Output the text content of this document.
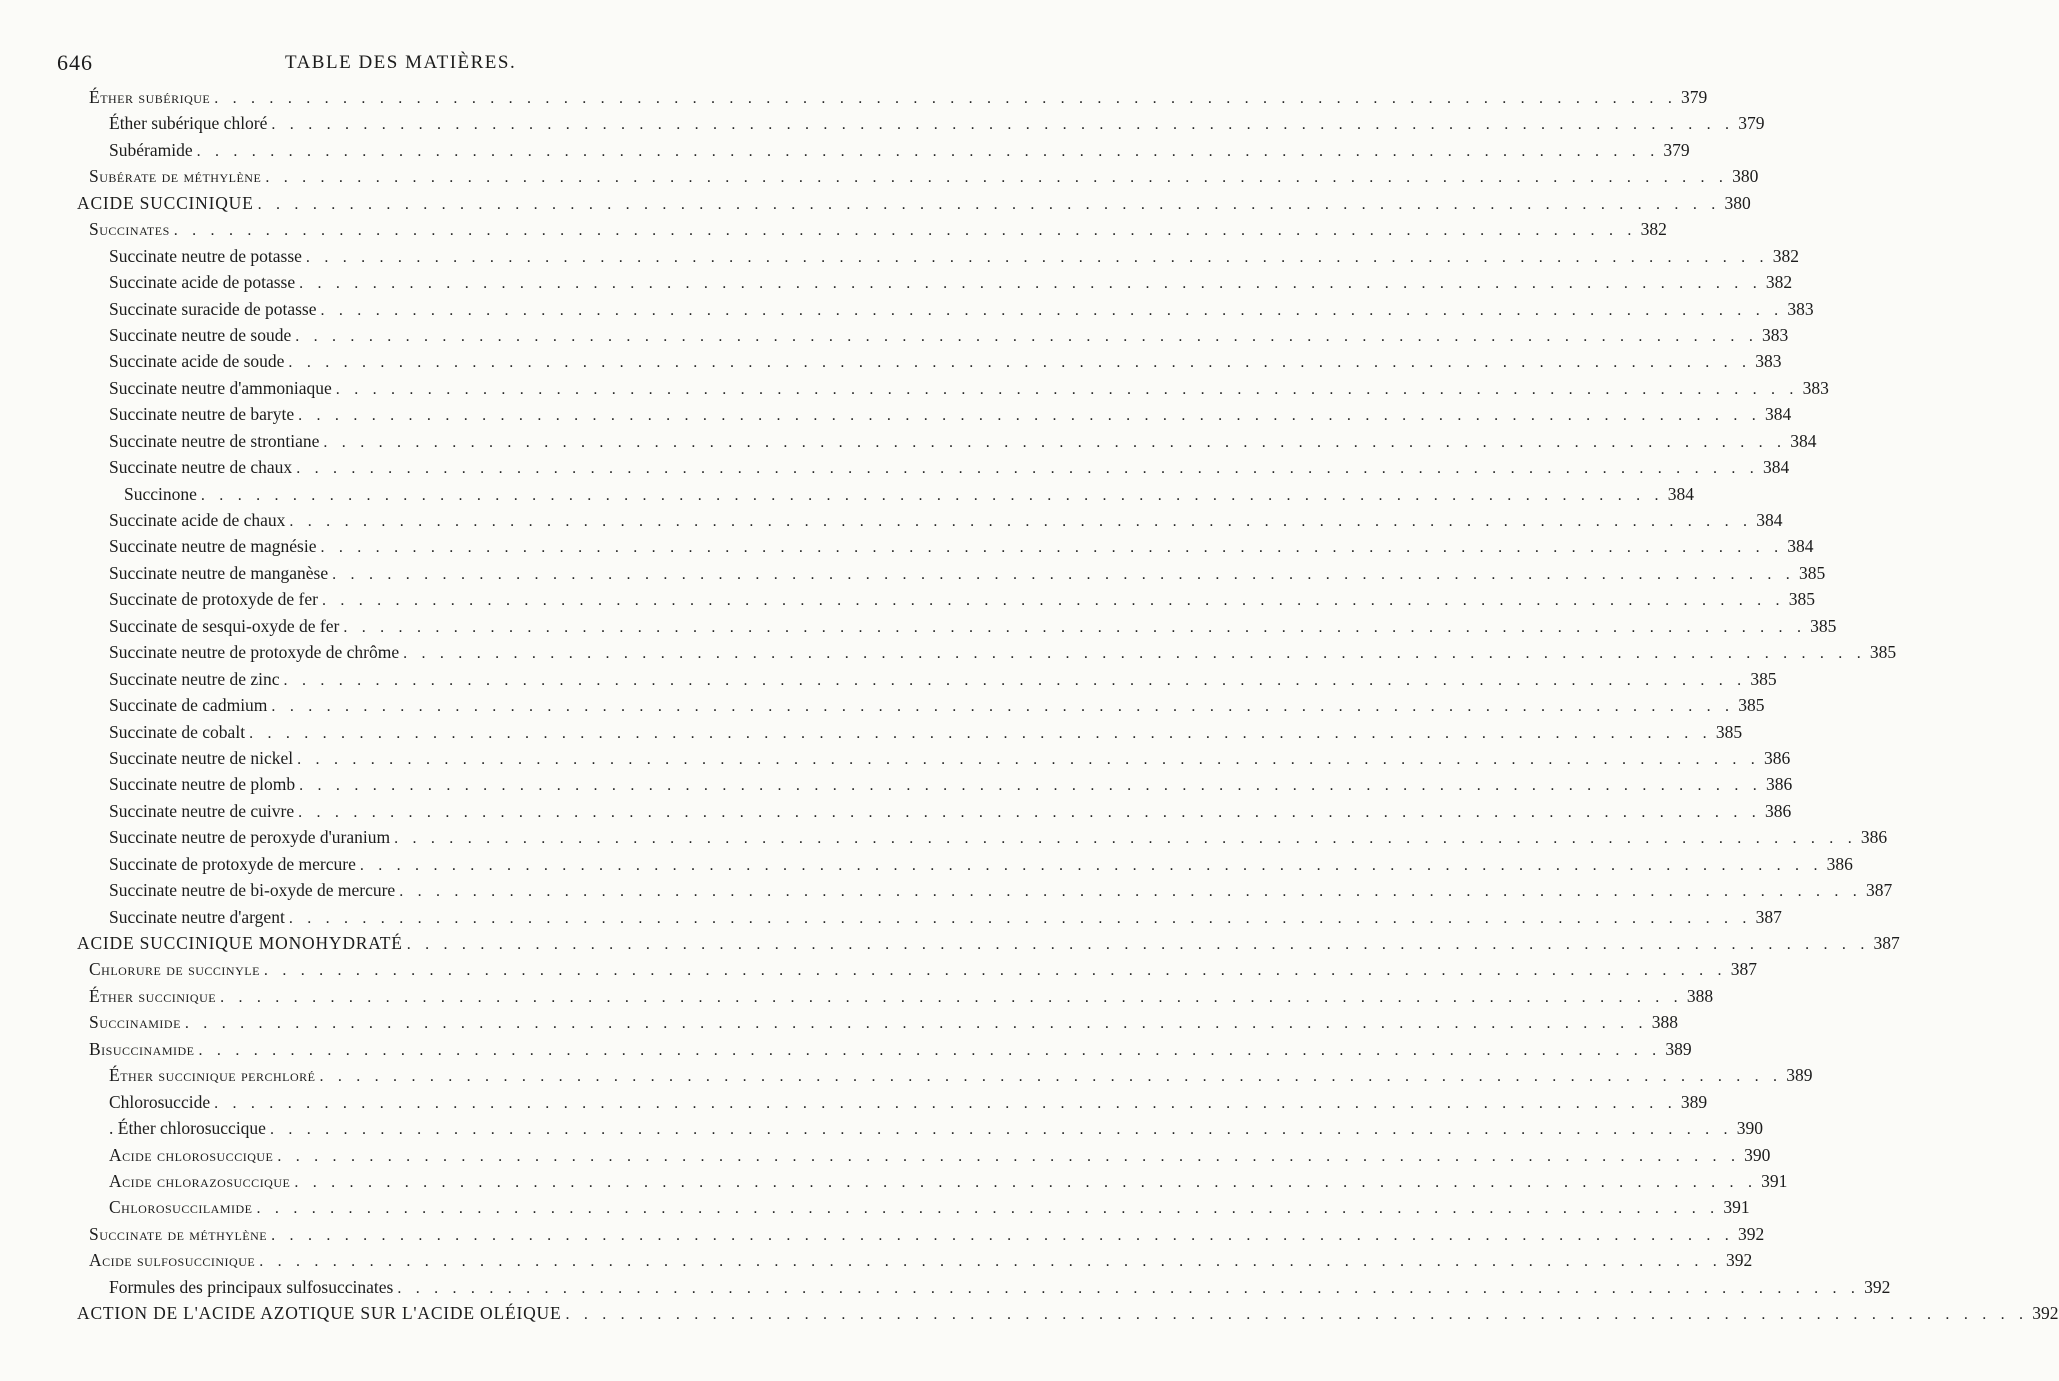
646	TABLE DES MATIÈRES.
Éther subérique . . . . . . . . . . . . . . . . . . . . . . . . . . . . . . . . . . . . . . . . . . . . . . . . . . . . . . . . . . . . . . . . . . . . . . . . . . . . . . . . 379
Éther subérique chloré . . . . . . . . . . . . . . . . . . . . . . . . . . . . . . . . . . . . . . . . . . . . . . . . . . . . . . . . . . . . . . . . . . . . . . . . . . . . . . . . 379
Subéramide . . . . . . . . . . . . . . . . . . . . . . . . . . . . . . . . . . . . . . . . . . . . . . . . . . . . . . . . . . . . . . . . . . . . . . . . . . . . . . . . 379
Subérate de méthylène . . . . . . . . . . . . . . . . . . . . . . . . . . . . . . . . . . . . . . . . . . . . . . . . . . . . . . . . . . . . . . . . . . . . . . . . . . . . . . . . 380
ACIDE SUCCINIQUE . . . . . . . . . . . . . . . . . . . . . . . . . . . . . . . . . . . . . . . . . . . . . . . . . . . . . . . . . . . . . . . . . . . . . . . . . . . . . . . . 380
Succinates . . . . . . . . . . . . . . . . . . . . . . . . . . . . . . . . . . . . . . . . . . . . . . . . . . . . . . . . . . . . . . . . . . . . . . . . . . . . . . . . 382
Succinate neutre de potasse . . . . . . . . . . . . . . . . . . . . . . . . . . . . . . . . . . . . . . . . . . . . . . . . . . . . . . . . . . . . . . . . . . . . . . . . . . . . . . . . 382
Succinate acide de potasse . . . . . . . . . . . . . . . . . . . . . . . . . . . . . . . . . . . . . . . . . . . . . . . . . . . . . . . . . . . . . . . . . . . . . . . . . . . . . . . . 382
Succinate suracide de potasse . . . . . . . . . . . . . . . . . . . . . . . . . . . . . . . . . . . . . . . . . . . . . . . . . . . . . . . . . . . . . . . . . . . . . . . . . . . . . . . . 383
Succinate neutre de soude . . . . . . . . . . . . . . . . . . . . . . . . . . . . . . . . . . . . . . . . . . . . . . . . . . . . . . . . . . . . . . . . . . . . . . . . . . . . . . . . 383
Succinate acide de soude . . . . . . . . . . . . . . . . . . . . . . . . . . . . . . . . . . . . . . . . . . . . . . . . . . . . . . . . . . . . . . . . . . . . . . . . . . . . . . . . 383
Succinate neutre d'ammoniaque . . . . . . . . . . . . . . . . . . . . . . . . . . . . . . . . . . . . . . . . . . . . . . . . . . . . . . . . . . . . . . . . . . . . . . . . . . . . . . . . 383
Succinate neutre de baryte . . . . . . . . . . . . . . . . . . . . . . . . . . . . . . . . . . . . . . . . . . . . . . . . . . . . . . . . . . . . . . . . . . . . . . . . . . . . . . . . 384
Succinate neutre de strontiane . . . . . . . . . . . . . . . . . . . . . . . . . . . . . . . . . . . . . . . . . . . . . . . . . . . . . . . . . . . . . . . . . . . . . . . . . . . . . . . . 384
Succinate neutre de chaux . . . . . . . . . . . . . . . . . . . . . . . . . . . . . . . . . . . . . . . . . . . . . . . . . . . . . . . . . . . . . . . . . . . . . . . . . . . . . . . . 384
Succinone . . . . . . . . . . . . . . . . . . . . . . . . . . . . . . . . . . . . . . . . . . . . . . . . . . . . . . . . . . . . . . . . . . . . . . . . . . . . . . . . 384
Succinate acide de chaux . . . . . . . . . . . . . . . . . . . . . . . . . . . . . . . . . . . . . . . . . . . . . . . . . . . . . . . . . . . . . . . . . . . . . . . . . . . . . . . . 384
Succinate neutre de magnésie . . . . . . . . . . . . . . . . . . . . . . . . . . . . . . . . . . . . . . . . . . . . . . . . . . . . . . . . . . . . . . . . . . . . . . . . . . . . . . . . 384
Succinate neutre de manganèse . . . . . . . . . . . . . . . . . . . . . . . . . . . . . . . . . . . . . . . . . . . . . . . . . . . . . . . . . . . . . . . . . . . . . . . . . . . . . . . . 385
Succinate de protoxyde de fer . . . . . . . . . . . . . . . . . . . . . . . . . . . . . . . . . . . . . . . . . . . . . . . . . . . . . . . . . . . . . . . . . . . . . . . . . . . . . . . . 385
Succinate de sesqui-oxyde de fer . . . . . . . . . . . . . . . . . . . . . . . . . . . . . . . . . . . . . . . . . . . . . . . . . . . . . . . . . . . . . . . . . . . . . . . . . . . . . . . . 385
Succinate neutre de protoxyde de chrôme . . . . . . . . . . . . . . . . . . . . . . . . . . . . . . . . . . . . . . . . . . . . . . . . . . . . . . . . . . . . . . . . . . . . . . . . . . . . . . . . 385
Succinate neutre de zinc . . . . . . . . . . . . . . . . . . . . . . . . . . . . . . . . . . . . . . . . . . . . . . . . . . . . . . . . . . . . . . . . . . . . . . . . . . . . . . . . 385
Succinate de cadmium . . . . . . . . . . . . . . . . . . . . . . . . . . . . . . . . . . . . . . . . . . . . . . . . . . . . . . . . . . . . . . . . . . . . . . . . . . . . . . . . 385
Succinate de cobalt . . . . . . . . . . . . . . . . . . . . . . . . . . . . . . . . . . . . . . . . . . . . . . . . . . . . . . . . . . . . . . . . . . . . . . . . . . . . . . . . 385
Succinate neutre de nickel . . . . . . . . . . . . . . . . . . . . . . . . . . . . . . . . . . . . . . . . . . . . . . . . . . . . . . . . . . . . . . . . . . . . . . . . . . . . . . . . 386
Succinate neutre de plomb . . . . . . . . . . . . . . . . . . . . . . . . . . . . . . . . . . . . . . . . . . . . . . . . . . . . . . . . . . . . . . . . . . . . . . . . . . . . . . . . 386
Succinate neutre de cuivre . . . . . . . . . . . . . . . . . . . . . . . . . . . . . . . . . . . . . . . . . . . . . . . . . . . . . . . . . . . . . . . . . . . . . . . . . . . . . . . . 386
Succinate neutre de peroxyde d'uranium . . . . . . . . . . . . . . . . . . . . . . . . . . . . . . . . . . . . . . . . . . . . . . . . . . . . . . . . . . . . . . . . . . . . . . . . . . . . . . . . 386
Succinate de protoxyde de mercure . . . . . . . . . . . . . . . . . . . . . . . . . . . . . . . . . . . . . . . . . . . . . . . . . . . . . . . . . . . . . . . . . . . . . . . . . . . . . . . . 386
Succinate neutre de bi-oxyde de mercure . . . . . . . . . . . . . . . . . . . . . . . . . . . . . . . . . . . . . . . . . . . . . . . . . . . . . . . . . . . . . . . . . . . . . . . . . . . . . . . . 387
Succinate neutre d'argent . . . . . . . . . . . . . . . . . . . . . . . . . . . . . . . . . . . . . . . . . . . . . . . . . . . . . . . . . . . . . . . . . . . . . . . . . . . . . . . . 387
ACIDE SUCCINIQUE MONOHYDRATÉ . . . . . . . . . . . . . . . . . . . . . . . . . . . . . . . . . . . . . . . . . . . . . . . . . . . . . . . . . . . . . . . . . . . . . . . . . . . . . . . . 387
Chlorure de succinyle . . . . . . . . . . . . . . . . . . . . . . . . . . . . . . . . . . . . . . . . . . . . . . . . . . . . . . . . . . . . . . . . . . . . . . . . . . . . . . . . 387
Éther succinique . . . . . . . . . . . . . . . . . . . . . . . . . . . . . . . . . . . . . . . . . . . . . . . . . . . . . . . . . . . . . . . . . . . . . . . . . . . . . . . . 388
Succinamide . . . . . . . . . . . . . . . . . . . . . . . . . . . . . . . . . . . . . . . . . . . . . . . . . . . . . . . . . . . . . . . . . . . . . . . . . . . . . . . . 388
Bisuccinamide . . . . . . . . . . . . . . . . . . . . . . . . . . . . . . . . . . . . . . . . . . . . . . . . . . . . . . . . . . . . . . . . . . . . . . . . . . . . . . . . 389
Éther succinique perchloré . . . . . . . . . . . . . . . . . . . . . . . . . . . . . . . . . . . . . . . . . . . . . . . . . . . . . . . . . . . . . . . . . . . . . . . . . . . . . . . . 389
Chlorosuccide . . . . . . . . . . . . . . . . . . . . . . . . . . . . . . . . . . . . . . . . . . . . . . . . . . . . . . . . . . . . . . . . . . . . . . . . . . . . . . . . 389
. Éther chlorosuccique . . . . . . . . . . . . . . . . . . . . . . . . . . . . . . . . . . . . . . . . . . . . . . . . . . . . . . . . . . . . . . . . . . . . . . . . . . . . . . . . 390
Acide chlorosuccique . . . . . . . . . . . . . . . . . . . . . . . . . . . . . . . . . . . . . . . . . . . . . . . . . . . . . . . . . . . . . . . . . . . . . . . . . . . . . . . . 390
Acide chlorazosuccique . . . . . . . . . . . . . . . . . . . . . . . . . . . . . . . . . . . . . . . . . . . . . . . . . . . . . . . . . . . . . . . . . . . . . . . . . . . . . . . . 391
Chlorosuccilamide . . . . . . . . . . . . . . . . . . . . . . . . . . . . . . . . . . . . . . . . . . . . . . . . . . . . . . . . . . . . . . . . . . . . . . . . . . . . . . . . 391
Succinate de méthylène . . . . . . . . . . . . . . . . . . . . . . . . . . . . . . . . . . . . . . . . . . . . . . . . . . . . . . . . . . . . . . . . . . . . . . . . . . . . . . . . 392
Acide sulfosuccinique . . . . . . . . . . . . . . . . . . . . . . . . . . . . . . . . . . . . . . . . . . . . . . . . . . . . . . . . . . . . . . . . . . . . . . . . . . . . . . . . 392
Formules des principaux sulfosuccinates . . . . . . . . . . . . . . . . . . . . . . . . . . . . . . . . . . . . . . . . . . . . . . . . . . . . . . . . . . . . . . . . . . . . . . . . . . . . . . . . 392
ACTION DE L'ACIDE AZOTIQUE SUR L'ACIDE OLÉIQUE . . . . . . . . . . . . . . . . . . . . . . . . . . . . . . . . . . . . . . . . . . . . . . . . . . . . . . . . . . . . . . . . . . . . . . . . . . . . . . . . 392
